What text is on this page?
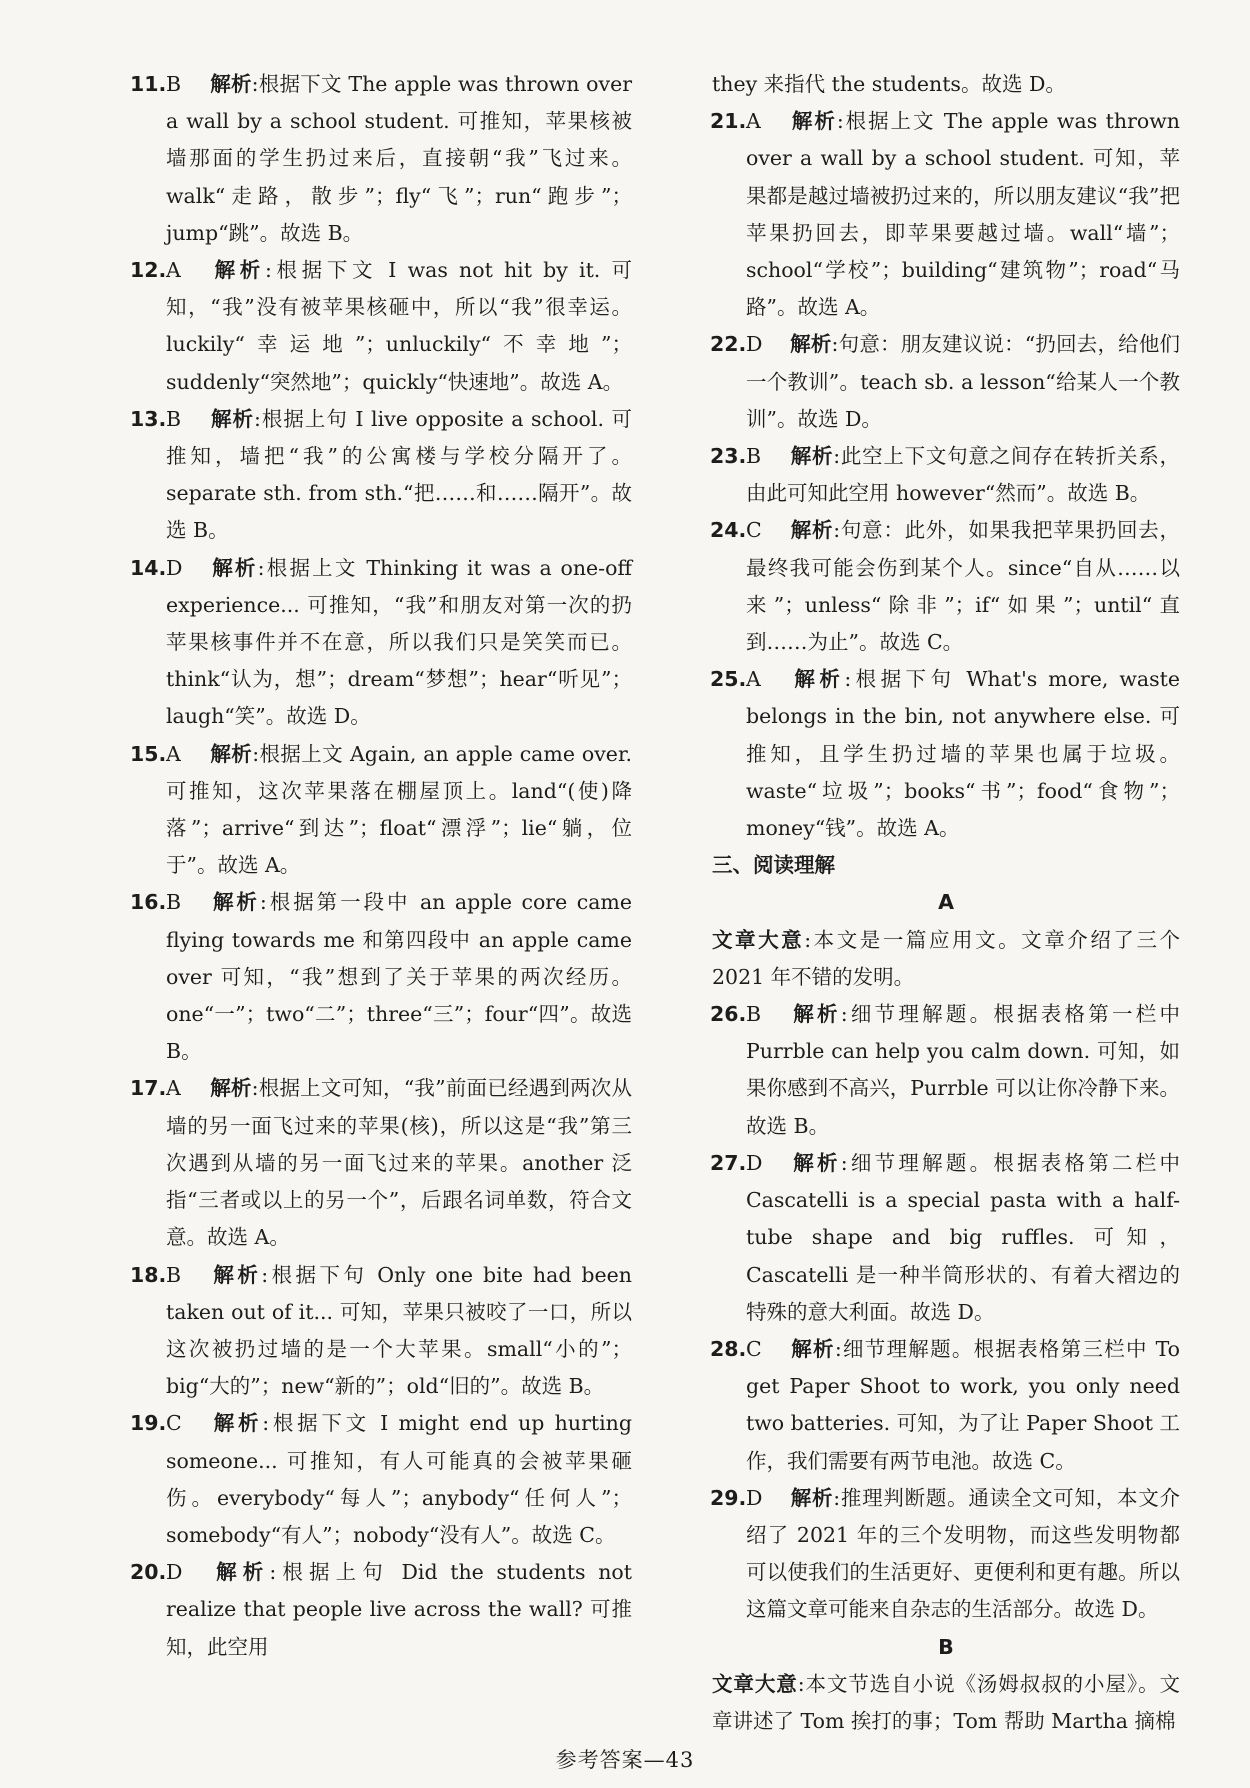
11. B 解析:根据下文 The apple was thrown over a wall by a school student. 可推知，苹果核被墙那面的学生扔过来后，直接朝“我”飞过来。walk“走路，散步”；fly“飞”；run“跑步”；jump“跳”。故选 B。
12. A 解析:根据下文 I was not hit by it. 可知，“我”没有被苹果核砸中，所以“我”很幸运。luckily“幸运地”；unluckily“不幸地”；suddenly“突然地”；quickly“快速地”。故选 A。
13. B 解析:根据上句 I live opposite a school. 可推知，墙把“我”的公寓楼与学校分隔开了。separate sth. from sth.“把……和……隔开”。故选 B。
14. D 解析:根据上文 Thinking it was a one-off experience... 可推知，“我”和朋友对第一次的扔苹果核事件并不在意，所以我们只是笑笑而已。think“认为，想”；dream“梦想”；hear“听见”；laugh“笑”。故选 D。
15. A 解析:根据上文 Again, an apple came over. 可推知，这次苹果落在棚屋顶上。land“(使)降落”；arrive“到达”；float“漂浮”；lie“躺，位于”。故选 A。
16. B 解析:根据第一段中 an apple core came flying towards me 和第四段中 an apple came over 可知，“我”想到了关于苹果的两次经历。one“一”；two“二”；three“三”；four“四”。故选 B。
17. A 解析:根据上文可知，“我”前面已经遇到两次从墙的另一面飞过来的苹果(核)，所以这是“我”第三次遇到从墙的另一面飞过来的苹果。another 泛指“三者或以上的另一个”，后跟名词单数，符合文意。故选 A。
18. B 解析:根据下句 Only one bite had been taken out of it... 可知，苹果只被咬了一口，所以这次被扔过墙的是一个大苹果。small“小的”；big“大的”；new“新的”；old“旧的”。故选 B。
19. C 解析:根据下文 I might end up hurting someone... 可推知，有人可能真的会被苹果砸伤。everybody“每人”；anybody“任何人”；somebody“有人”；nobody“没有人”。故选 C。
20. D 解析:根据上句 Did the students not realize that people live across the wall? 可推知，此空用
they 来指代 the students。故选 D。
21. A 解析:根据上文 The apple was thrown over a wall by a school student. 可知，苹果都是越过墙被扔过来的，所以朋友建议“我”把苹果扔回去，即苹果要越过墙。wall“墙”；school“学校”；building“建筑物”；road“马路”。故选 A。
22. D 解析:句意：朋友建议说：“扔回去，给他们一个教训”。teach sb. a lesson“给某人一个教训”。故选 D。
23. B 解析:此空上下文句意之间存在转折关系，由此可知此空用 however“然而”。故选 B。
24. C 解析:句意：此外，如果我把苹果扔回去，最终我可能会伤到某个人。since“自从……以来”；unless“除非”；if“如果”；until“直到……为止”。故选 C。
25. A 解析:根据下句 What's more, waste belongs in the bin, not anywhere else. 可推知，且学生扔过墙的苹果也属于垃圾。waste“垃圾”；books“书”；food“食物”；money“钱”。故选 A。
三、阅读理解
A
文章大意:本文是一篇应用文。文章介绍了三个 2021 年不错的发明。
26. B 解析:细节理解题。根据表格第一栏中 Purrble can help you calm down. 可知，如果你感到不高兴，Purrble 可以让你冷静下来。故选 B。
27. D 解析:细节理解题。根据表格第二栏中 Cascatelli is a special pasta with a half-tube shape and big ruffles. 可知，Cascatelli 是一种半筒形状的、有着大褶边的特殊的意大利面。故选 D。
28. C 解析:细节理解题。根据表格第三栏中 To get Paper Shoot to work, you only need two batteries. 可知，为了让 Paper Shoot 工作，我们需要有两节电池。故选 C。
29. D 解析:推理判断题。通读全文可知，本文介绍了 2021 年的三个发明物，而这些发明物都可以使我们的生活更好、更便利和更有趣。所以这篇文章可能来自杂志的生活部分。故选 D。
B
文章大意:本文节选自小说《汤姆叔叔的小屋》。文章讲述了 Tom 挨打的事；Tom 帮助 Martha 摘棉
参考答案—43
